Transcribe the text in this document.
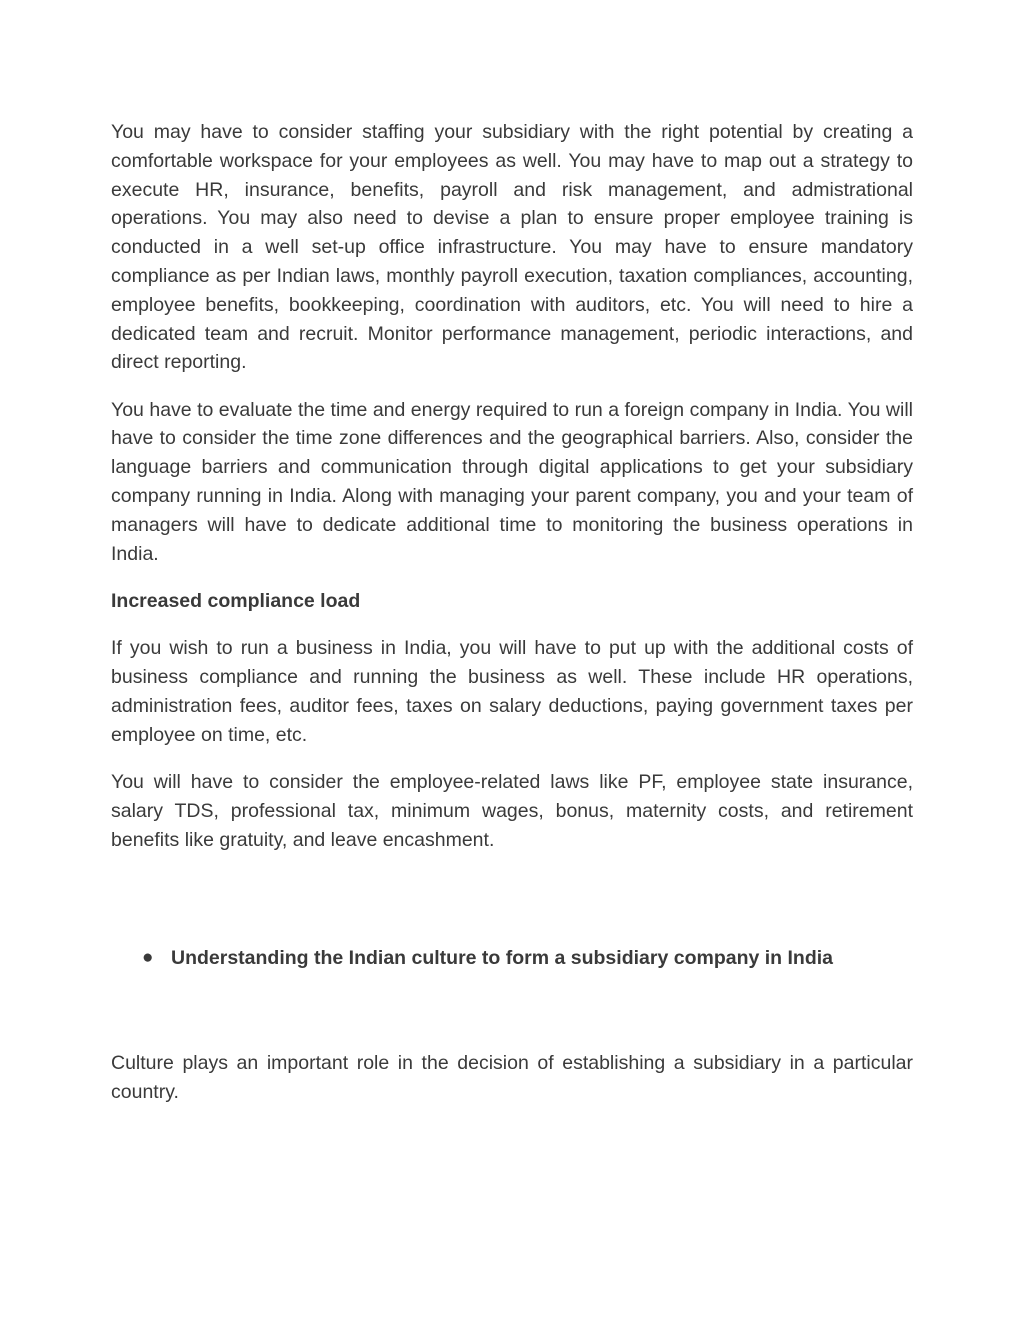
You may have to consider staffing your subsidiary with the right potential by creating a comfortable workspace for your employees as well. You may have to map out a strategy to execute HR, insurance, benefits, payroll and risk management, and admistrational operations. You may also need to devise a plan to ensure proper employee training is conducted in a well set-up office infrastructure. You may have to ensure mandatory compliance as per Indian laws, monthly payroll execution, taxation compliances, accounting, employee benefits, bookkeeping, coordination with auditors, etc. You will need to hire a dedicated team and recruit. Monitor performance management, periodic interactions, and direct reporting.

You have to evaluate the time and energy required to run a foreign company in India. You will have to consider the time zone differences and the geographical barriers. Also, consider the language barriers and communication through digital applications to get your subsidiary company running in India. Along with managing your parent company, you and your team of managers will have to dedicate additional time to monitoring the business operations in India.

Increased compliance load

If you wish to run a business in India, you will have to put up with the additional costs of business compliance and running the business as well. These include HR operations, administration fees, auditor fees, taxes on salary deductions, paying government taxes per employee on time, etc.

You will have to consider the employee-related laws like PF, employee state insurance, salary TDS, professional tax, minimum wages, bonus, maternity costs, and retirement benefits like gratuity, and leave encashment.

● Understanding the Indian culture to form a subsidiary company in India

Culture plays an important role in the decision of establishing a subsidiary in a particular country.
